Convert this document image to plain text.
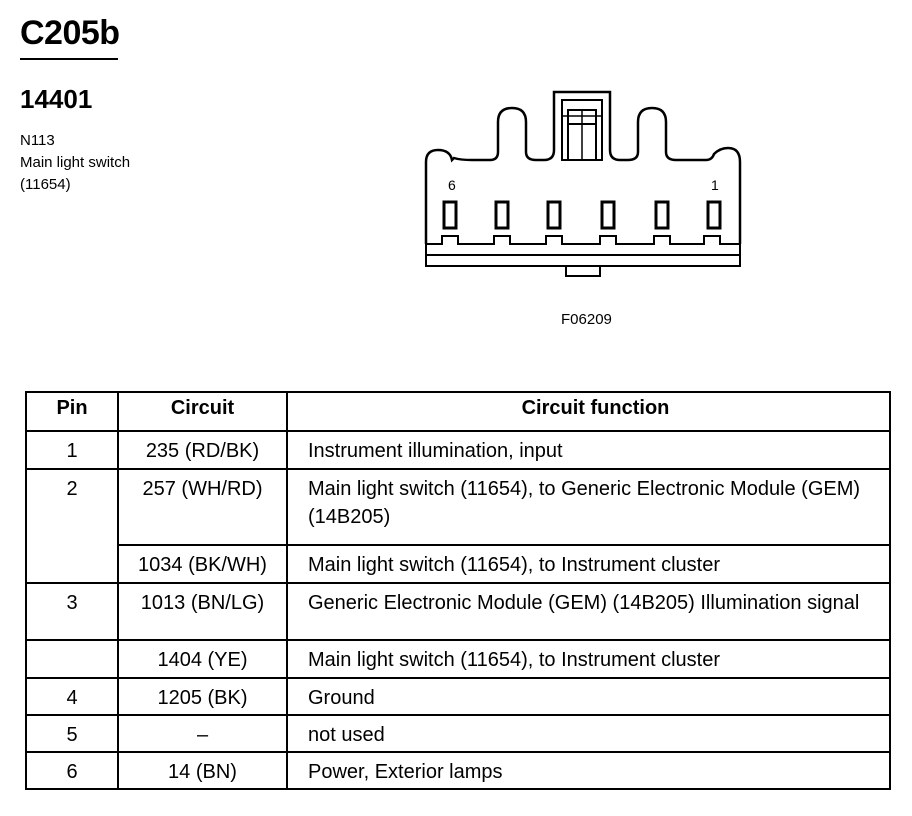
C205b
14401
N113
Main light switch
(11654)	6	1
F06209
Pin	Circuit	Circuit function
1	235 (RD/BK)	Instrument illumination, input
2	257 (WH/RD)	Main light switch (11654), to Generic Electronic Module (GEM) (14B205)
	1034 (BK/WH)	Main light switch (11654), to Instrument cluster
3	1013 (BN/LG)	Generic Electronic Module (GEM) (14B205) Illumination signal
	1404 (YE)	Main light switch (11654), to Instrument cluster
4	1205 (BK)	Ground
5	–	not used
6	14 (BN)	Power, Exterior lamps
